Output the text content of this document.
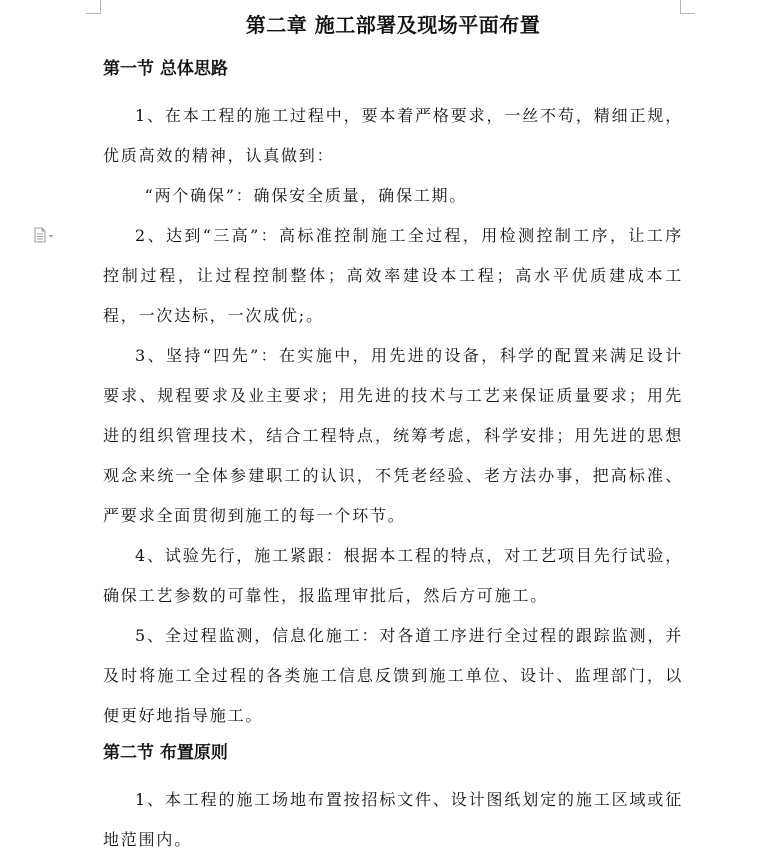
第二章 施工部署及现场平面布置
第一节 总体思路

1、在本工程的施工过程中，要本着严格要求，一丝不苟，精细正规，优质高效的精神，认真做到：

“两个确保”：确保安全质量，确保工期。

2、达到“三高”：高标准控制施工全过程，用检测控制工序，让工序控制过程，让过程控制整体；高效率建设本工程；高水平优质建成本工程，一次达标，一次成优;。

3、坚持“四先”：在实施中，用先进的设备，科学的配置来满足设计要求、规程要求及业主要求；用先进的技术与工艺来保证质量要求；用先进的组织管理技术，结合工程特点，统筹考虑，科学安排；用先进的思想观念来统一全体参建职工的认识，不凭老经验、老方法办事，把高标准、严要求全面贯彻到施工的每一个环节。

4、试验先行，施工紧跟：根据本工程的特点，对工艺项目先行试验，确保工艺参数的可靠性，报监理审批后，然后方可施工。

5、全过程监测，信息化施工：对各道工序进行全过程的跟踪监测，并及时将施工全过程的各类施工信息反馈到施工单位、设计、监理部门，以便更好地指导施工。

第二节 布置原则

1、本工程的施工场地布置按招标文件、设计图纸划定的施工区域或征地范围内。
